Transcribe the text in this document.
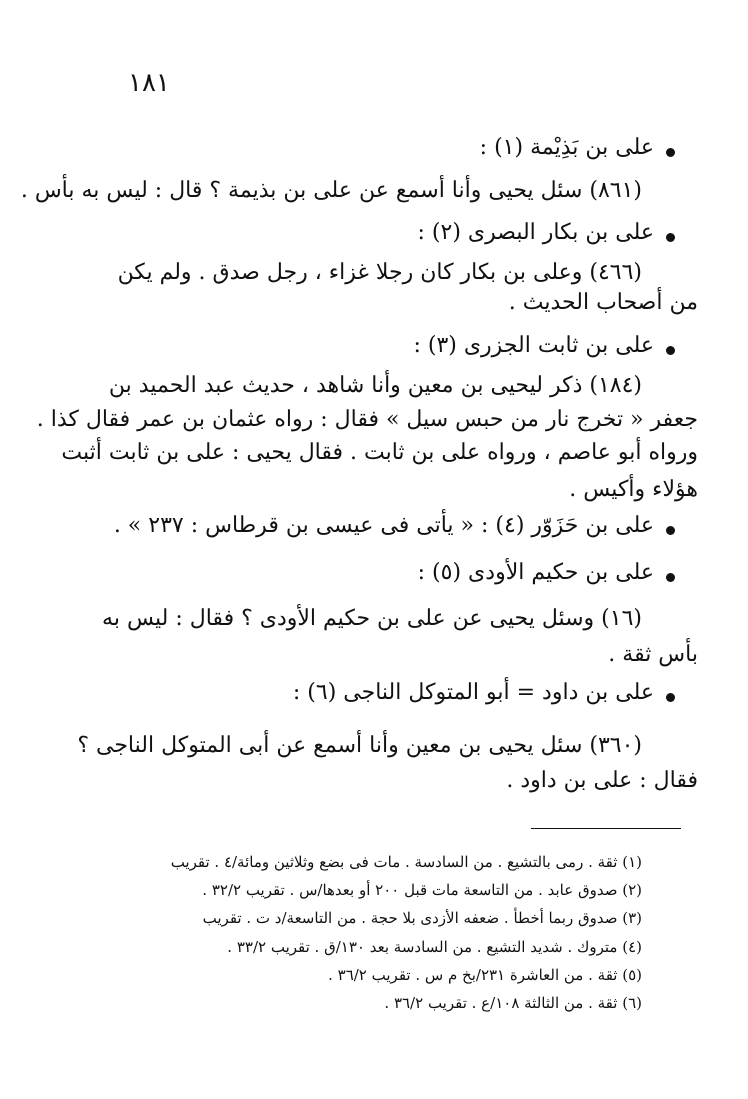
١٨١
على بن بَذِيْمة (١) :
(٨٦١) سئل يحيى وأنا أسمع عن على بن بذيمة ؟ قال : ليس به بأس .
على بن بكار البصرى (٢) :
(٤٦٦) وعلى بن بكار كان رجلا غزاء ، رجل صدق . ولم يكن
من أصحاب الحديث .
على بن ثابت الجزرى (٣) :
(١٨٤) ذكر ليحيى بن معين وأنا شاهد ، حديث عبد الحميد بن
جعفر « تخرج نار من حبس سيل » فقال : رواه عثمان بن عمر فقال كذا .
ورواه أبو عاصم ، ورواه على بن ثابت . فقال يحيى : على بن ثابت أثبت
هؤلاء وأكيس .
على بن حَزَوّر (٤) : « يأتى فى عيسى بن قرطاس : ٢٣٧ » .
على بن حكيم الأودى (٥) :
(١٦) وسئل يحيى عن على بن حكيم الأودى ؟ فقال : ليس به
بأس ثقة .
على بن داود = أبو المتوكل الناجى (٦) :
(٣٦٠) سئل يحيى بن معين وأنا أسمع عن أبى المتوكل الناجى ؟
فقال : على بن داود .
(١) ثقة . رمى بالتشيع . من السادسة . مات فى بضع وثلاثين ومائة/٤ . تقريب
(٢) صدوق عابد . من التاسعة مات قبل ٢٠٠ أو بعدها/س . تقريب ٣٢/٢ .
(٣) صدوق ربما أخطأ . ضعفه الأزدى بلا حجة . من التاسعة/د ت . تقريب
(٤) متروك . شديد التشيع . من السادسة بعد ١٣٠/ق . تقريب ٣٣/٢ .
(٥) ثقة . من العاشرة ٢٣١/بخ م س . تقريب ٣٦/٢ .
(٦) ثقة . من الثالثة ١٠٨/ع . تقريب ٣٦/٢ .
